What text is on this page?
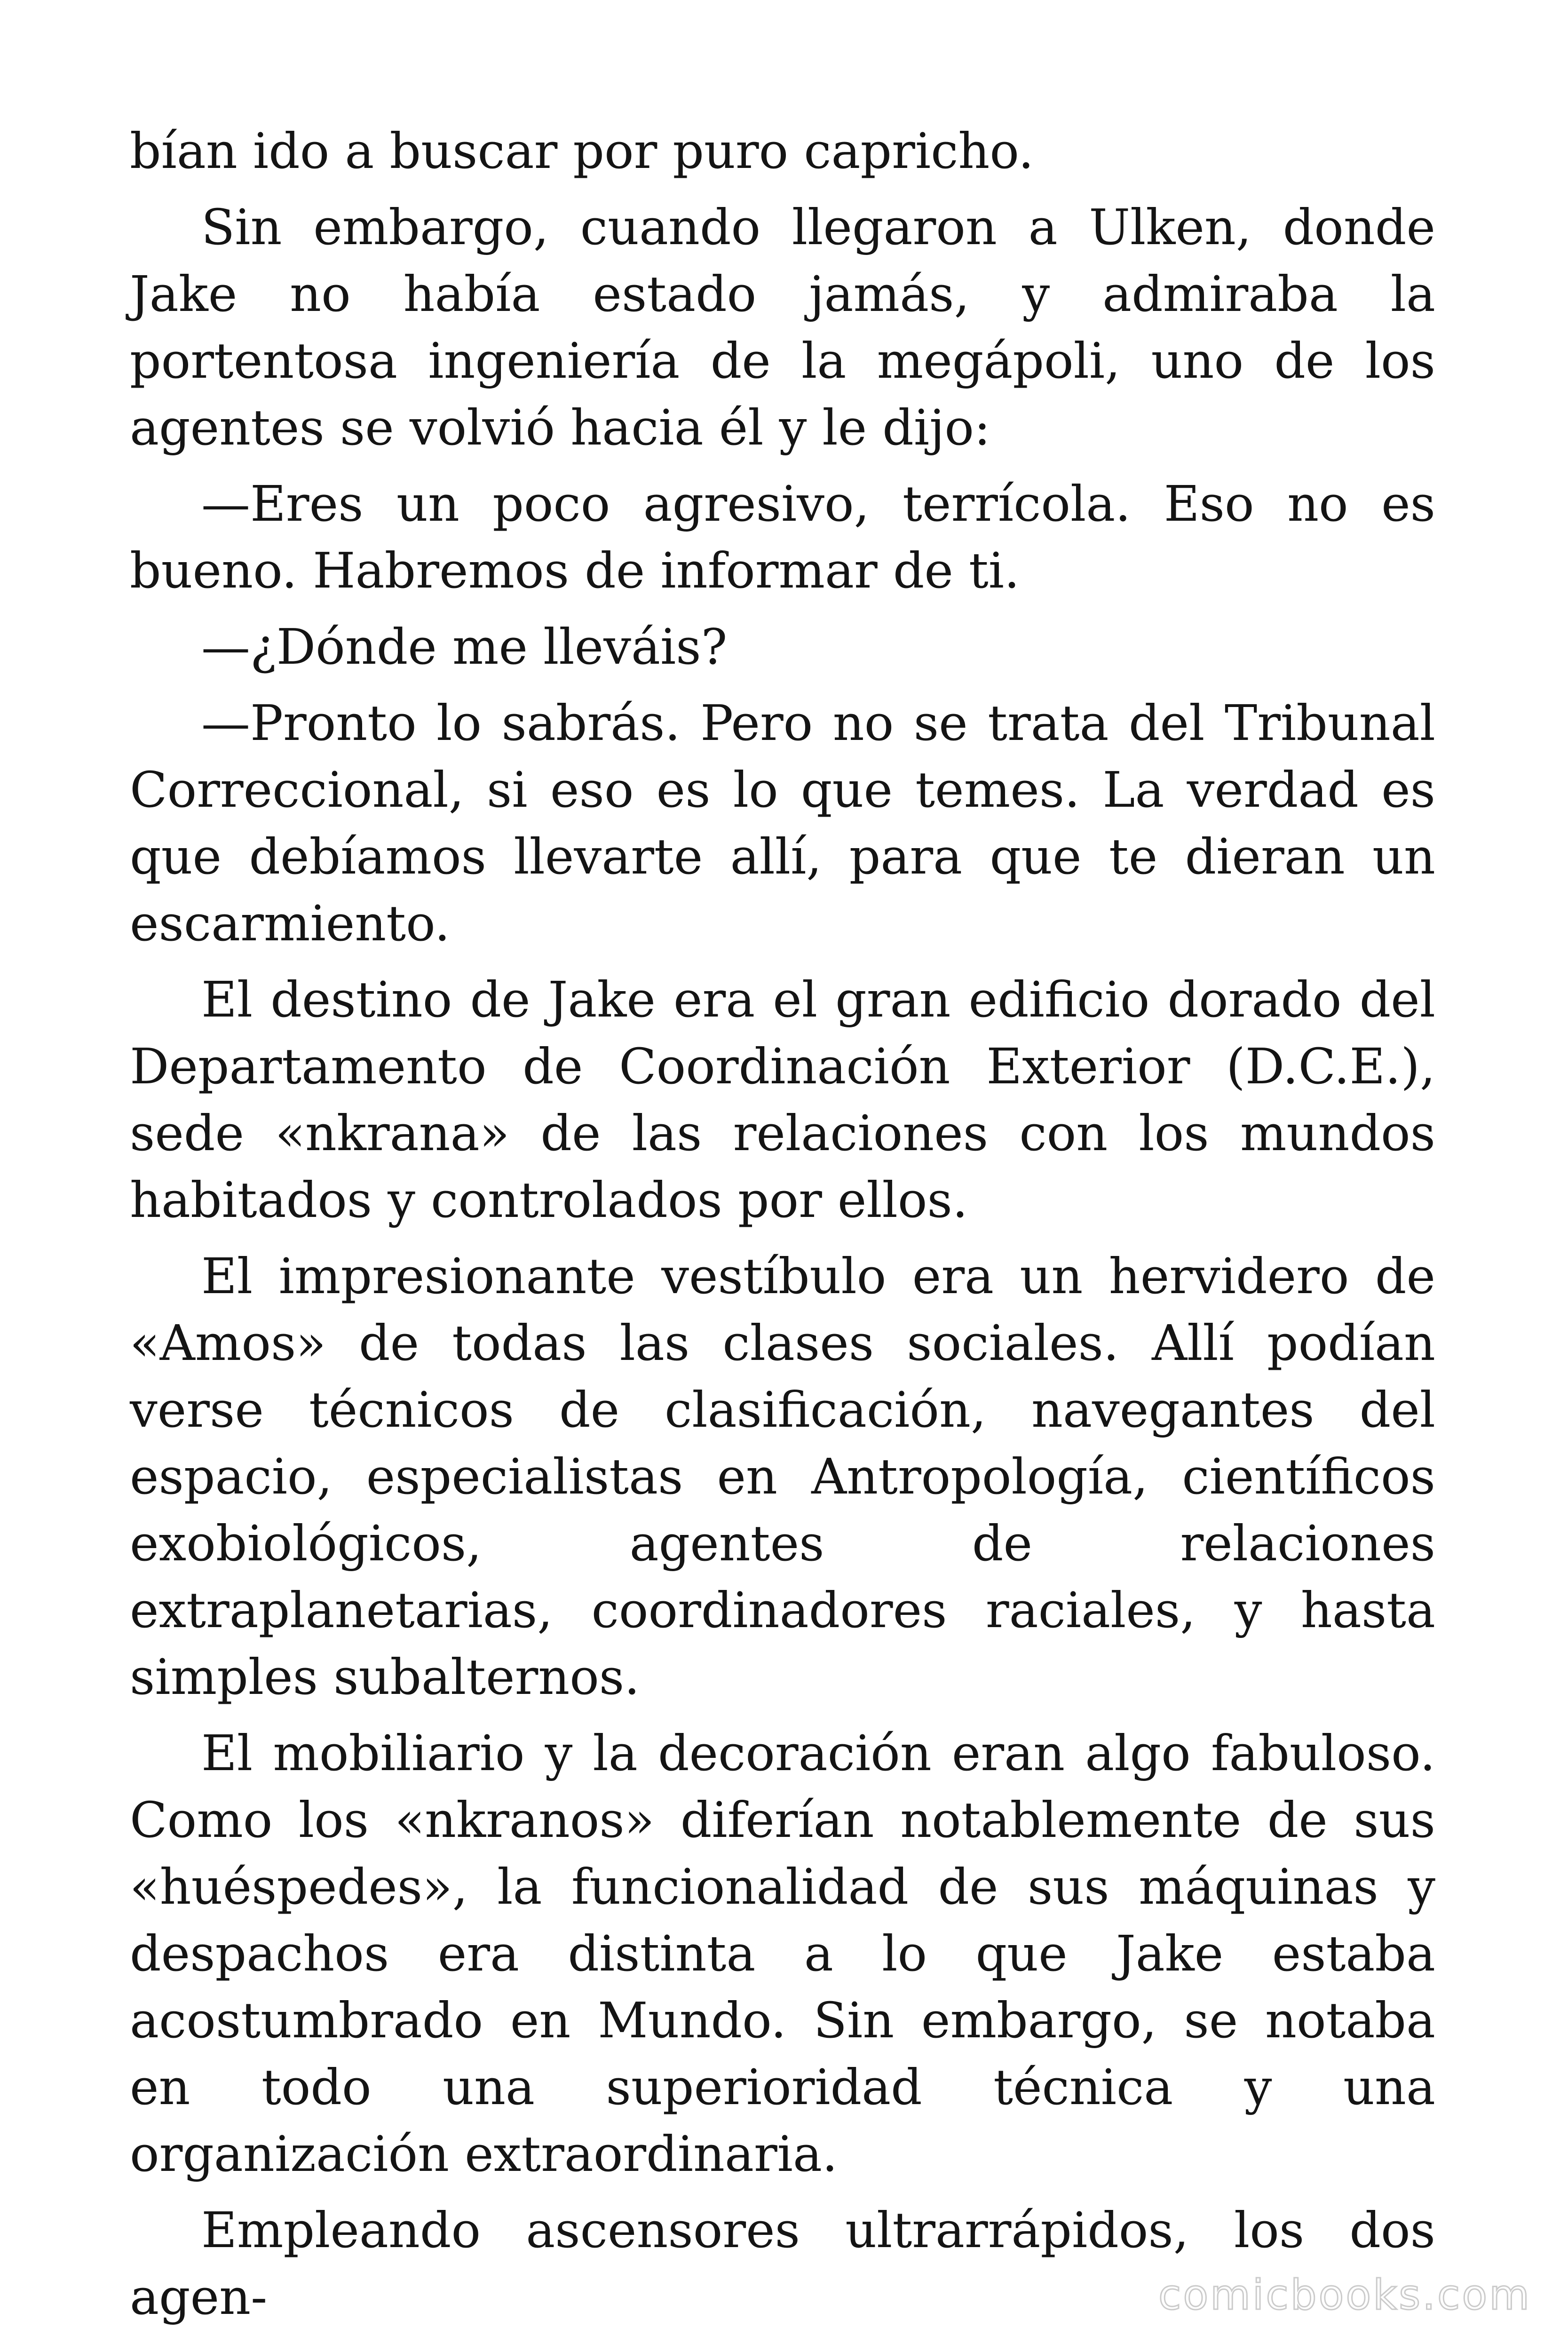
bían ido a buscar por puro capricho.

Sin embargo, cuando llegaron a Ulken, donde Jake no había estado jamás, y admiraba la portentosa ingeniería de la megápoli, uno de los agentes se volvió hacia él y le dijo:

—Eres un poco agresivo, terrícola. Eso no es bueno. Habremos de informar de ti.

—¿Dónde me lleváis?

—Pronto lo sabrás. Pero no se trata del Tribunal Correccional, si eso es lo que temes. La verdad es que debíamos llevarte allí, para que te dieran un escarmiento.

El destino de Jake era el gran edificio dorado del Departamento de Coordinación Exterior (D.C.E.), sede «nkrana» de las relaciones con los mundos habitados y controlados por ellos.

El impresionante vestíbulo era un hervidero de «Amos» de todas las clases sociales. Allí podían verse técnicos de clasificación, navegantes del espacio, especialistas en Antropología, científicos exobiológicos, agentes de relaciones extraplanetarias, coordinadores raciales, y hasta simples subalternos.

El mobiliario y la decoración eran algo fabuloso. Como los «nkranos» diferían notablemente de sus «huéspedes», la funcionalidad de sus máquinas y despachos era distinta a lo que Jake estaba acostumbrado en Mundo. Sin embargo, se notaba en todo una superioridad técnica y una organización extraordinaria.

Empleando ascensores ultrarrápidos, los dos agen-	comicbooks.com
